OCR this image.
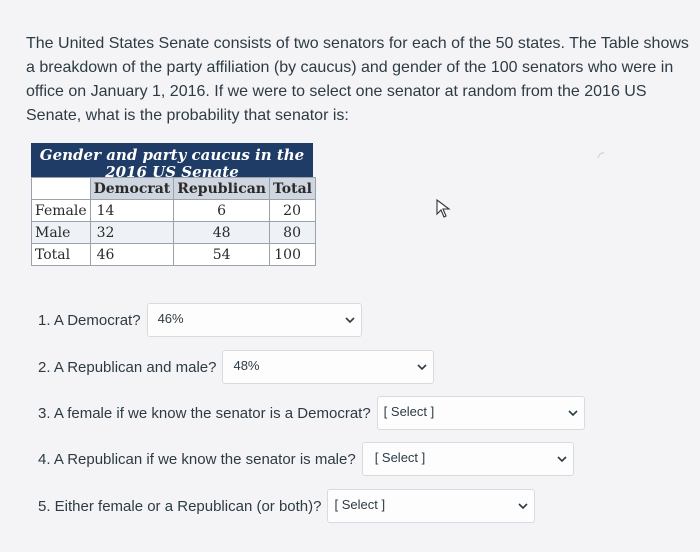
The United States Senate consists of two senators for each of the 50 states. The Table shows a breakdown of the party affiliation (by caucus) and gender of the 100 senators who were in office on January 1, 2016. If we were to select one senator at random from the 2016 US Senate, what is the probability that senator is:

Gender and party caucus in the 2016 US Senate
	Democrat	Republican	Total
Female	14	6	20
Male	32	48	80
Total	46	54	100
1. A Democrat? 46%
2. A Republican and male? 48%
3. A female if we know the senator is a Democrat? [ Select ]
4. A Republican if we know the senator is male? [ Select ]
5. Either female or a Republican (or both)? [ Select ]
